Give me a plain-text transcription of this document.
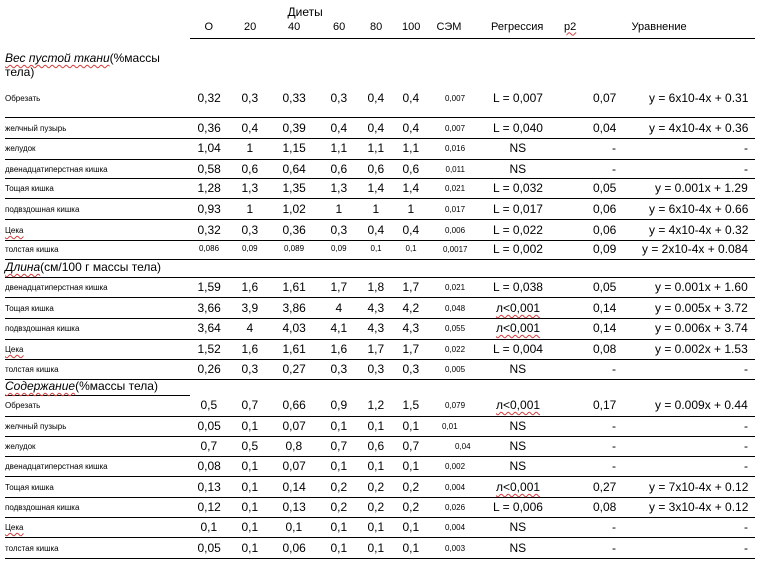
Диеты
О	20	40	60 80 100 СЭМ	Регрессия р2	Уравнение
Вес пустой ткани(%массы
тела)
Обрезать	0,32 0,3 0,33 0,3 0,4 0,4	0,007 L = 0,007	0,07	y = 6x10-4x + 0.31
желчный пузырь	0,36 0,4 0,39 0,4 0,4 0,4	0,007 L = 0,040	0,04	y = 4x10-4x + 0.36
желудок	1,04 1 1,15 1,1 1,1 1,1	0,016	NS	-	-
двенадцатиперстная кишка	0,58 0,6 0,64 0,6 0,6 0,6	0,011	NS	-	-
Тощая кишка	1,28 1,3 1,35 1,3 1,4 1,4	0,021 L = 0,032	0,05	y = 0.001x + 1.29
подвздошная кишка	0,93 1 1,02 1	1 1	0,017 L = 0,017	0,06	y = 6x10-4x + 0.66
Цека	0,32 0,3 0,36 0,3 0,4 0,4	0,006 L = 0,022	0,06	y = 4x10-4x + 0.32
толстая кишка	0,086	0,09	0,089	0,09	0,1	0,1	0,0017 L = 0,002	0,09 y = 2x10-4x + 0.084
Длина(см/100 г массы тела)
двенадцатиперстная кишка	1,59 1,6 1,61 1,7 1,8 1,7	0,021 L = 0,038	0,05	y = 0.001x + 1.60
Тощая кишка	3,66 3,9 3,86 4 4,3 4,2	0,048	л<0,001	0,14	y = 0.005x + 3.72
подвздошная кишка	3,64 4 4,03 4,1 4,3 4,3	0,055	л<0,001	0,14	y = 0.006x + 3.74
Цека	1,52 1,6 1,61 1,6 1,7 1,7	0,022 L = 0,004	0,08	y = 0.002x + 1.53
толстая кишка	0,26 0,3 0,27 0,3 0,3 0,3	0,005	NS	-	-
Содержание(%массы тела)
Обрезать	0,5 0,7 0,66 0,9 1,2 1,5	0,079	л<0,001	0,17	y = 0.009x + 0.44
желчный пузырь	0,05 0,1 0,07 0,1 0,1 0,1	0,01	NS	-	-
желудок	0,7 0,5 0,8 0,7 0,6 0,7	0,04	NS	-	-
двенадцатиперстная кишка	0,08 0,1 0,07 0,1 0,1 0,1	0,002	NS	-	-
Тощая кишка	0,13 0,1 0,14 0,2 0,2 0,2	0,004	л<0,001	0,27	y = 7x10-4x + 0.12
подвздошная кишка	0,12 0,1 0,13 0,2 0,2 0,2	0,026 L = 0,006	0,08	y = 3x10-4x + 0.12
Цека	0,1 0,1 0,1 0,1 0,1 0,1	0,004	NS	-	-
толстая кишка	0,05 0,1 0,06 0,1 0,1 0,1	0,003	NS	-	-
